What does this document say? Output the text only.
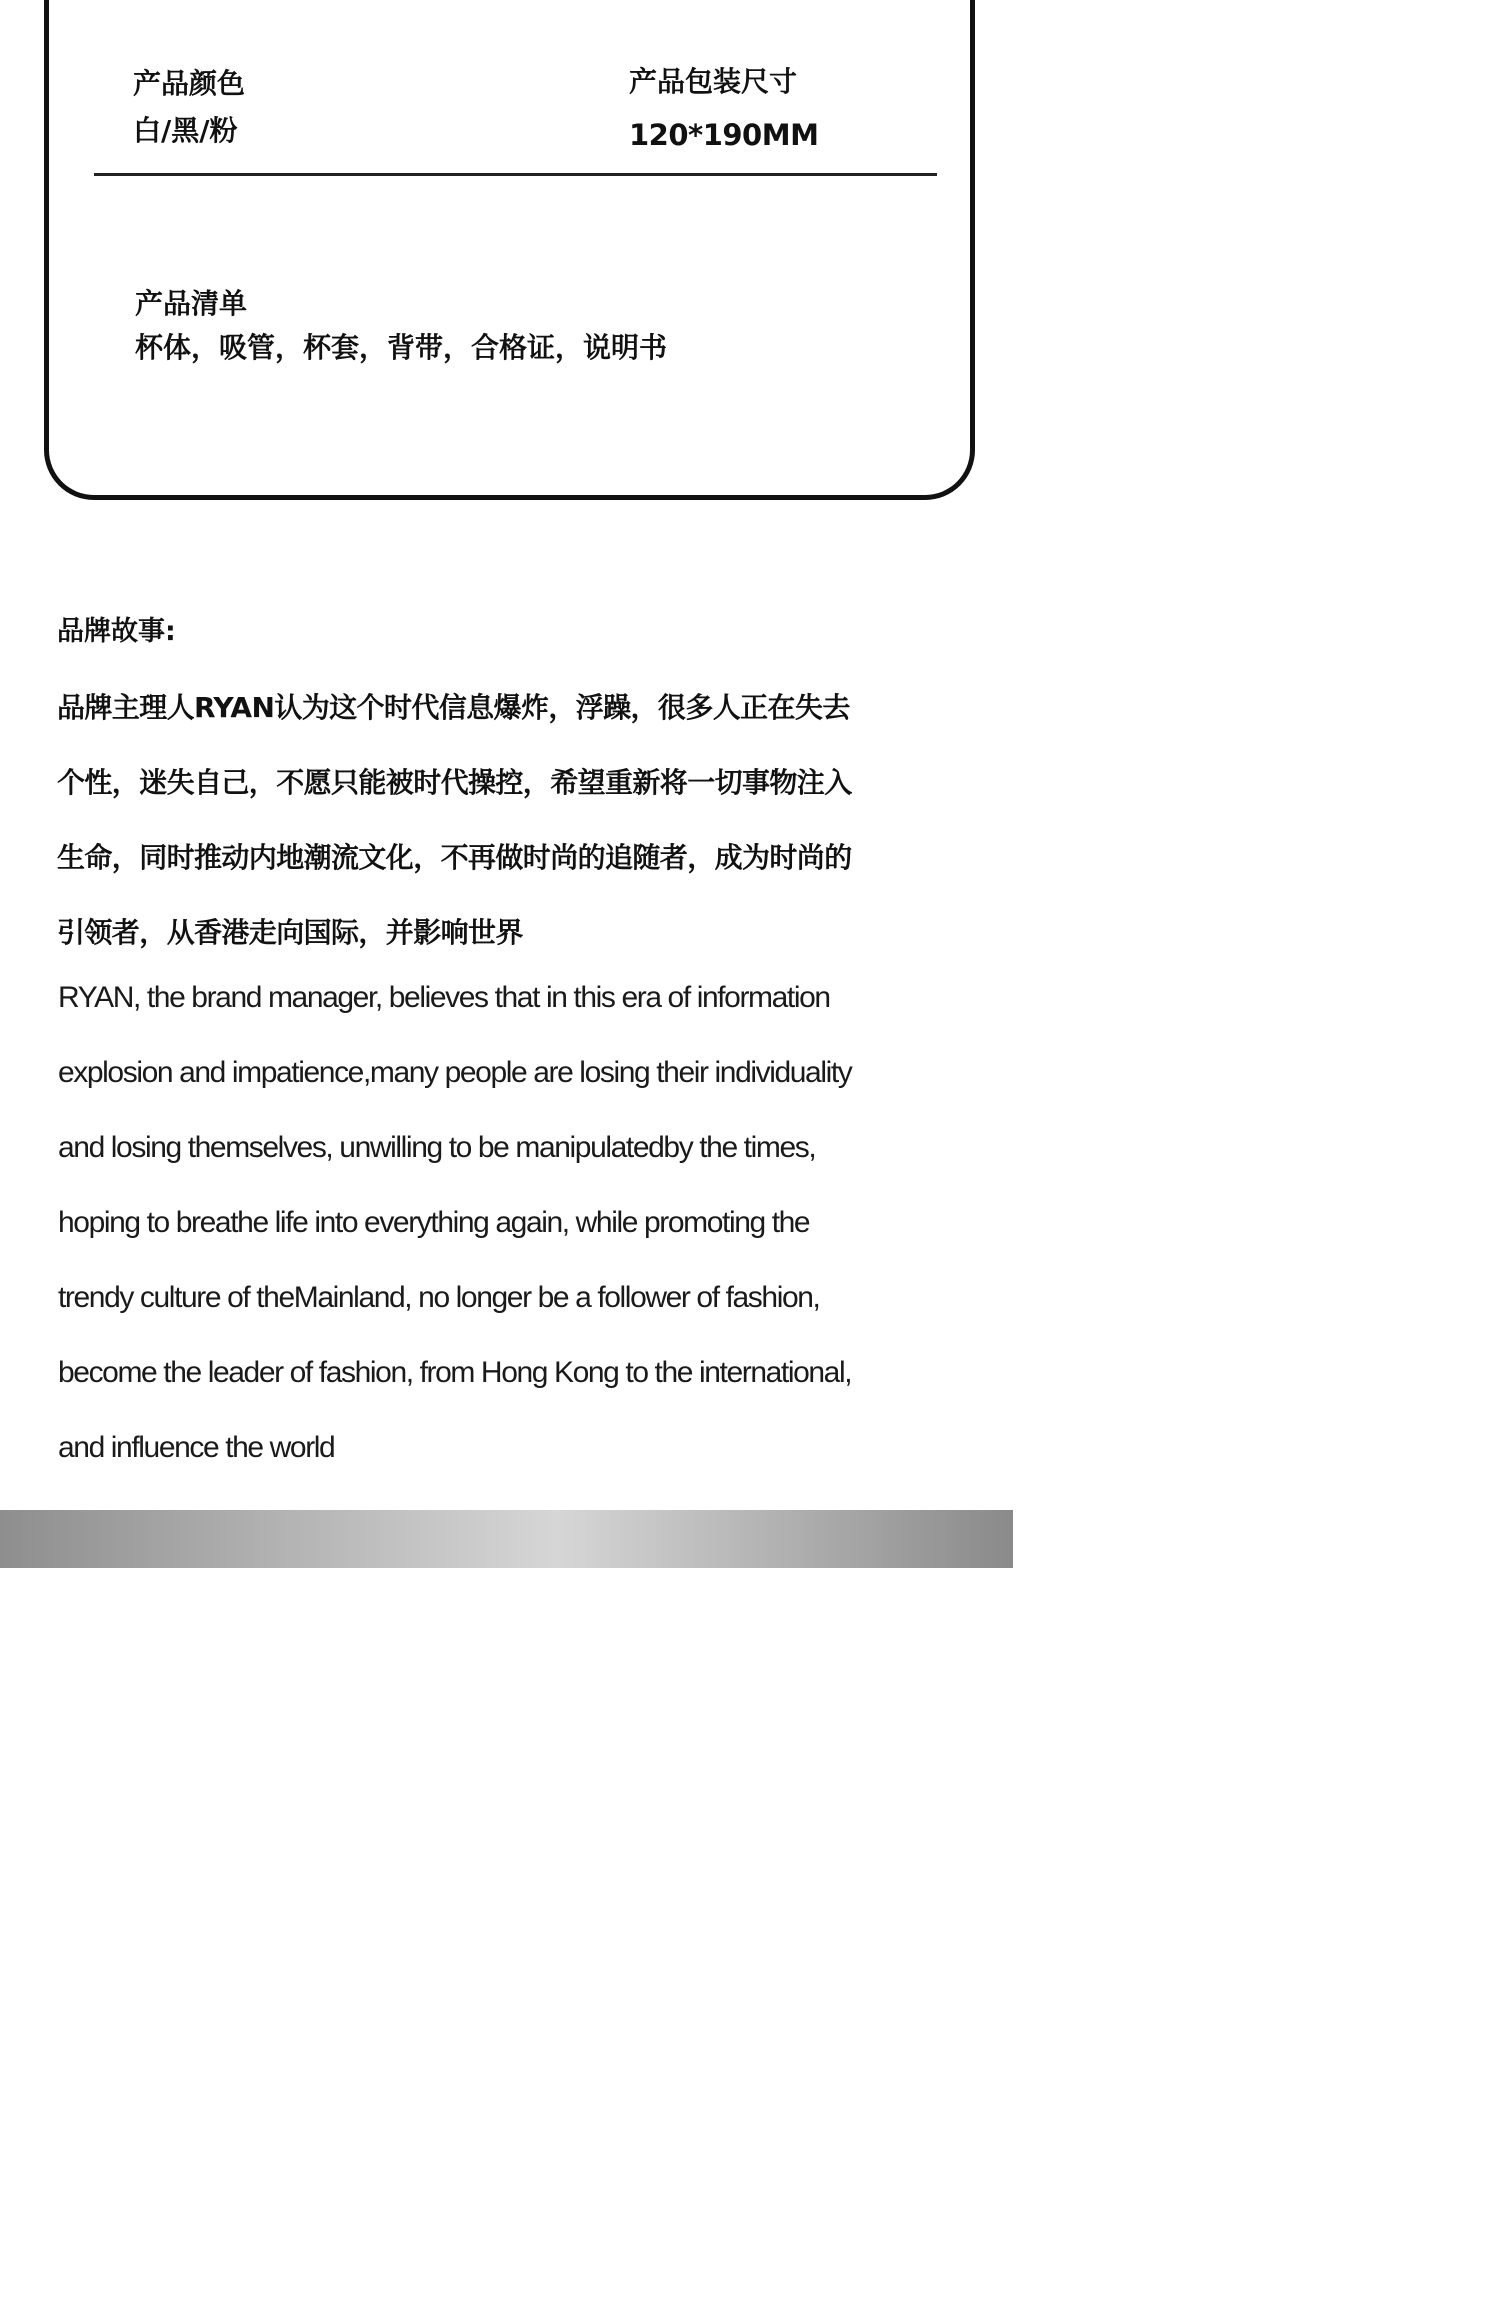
产品颜色
白/黑/粉
产品包装尺寸
120*190MM
产品清单
杯体，吸管，杯套，背带，合格证，说明书
品牌故事:
品牌主理人RYAN认为这个时代信息爆炸，浮躁，很多人正在失去
个性，迷失自己，不愿只能被时代操控，希望重新将一切事物注入
生命，同时推动内地潮流文化，不再做时尚的追随者，成为时尚的
引领者，从香港走向国际，并影响世界
RYAN, the brand manager, believes that in this era of information
explosion and impatience,many people are losing their individuality
and losing themselves, unwilling to be manipulatedby the times,
hoping to breathe life into everything again, while promoting the
trendy culture of theMainland, no longer be a follower of fashion,
become the leader of fashion, from Hong Kong to the international,
and influence the world
